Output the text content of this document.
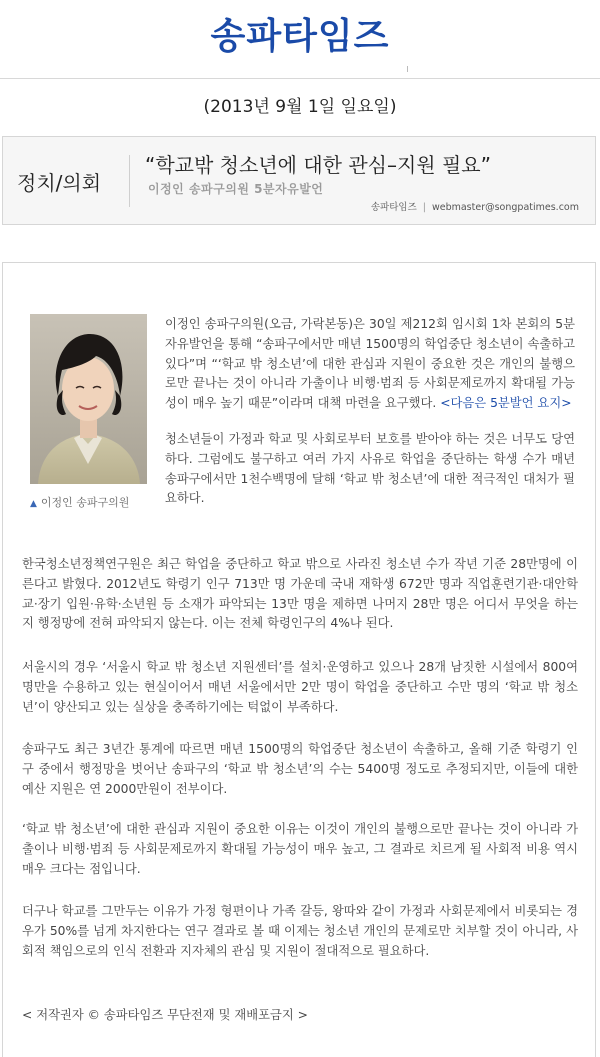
송파타임즈
(2013년 9월 1일 일요일)
정치/의회
“학교밖 청소년에 대한 관심–지원 필요”
이정인 송파구의원 5분자유발언
송파타임즈 | webmaster@songpatimes.com
▲ 이정인 송파구의원

이정인 송파구의원(오금, 가락본동)은 30일 제212회 임시회 1차 본회의 5분자유발언을 통해 “송파구에서만 매년 1500명의 학업중단 청소년이 속출하고 있다”며 “‘학교 밖 청소년’에 대한 관심과 지원이 중요한 것은 개인의 불행으로만 끝나는 것이 아니라 가출이나 비행·범죄 등 사회문제로까지 확대될 가능성이 매우 높기 때문”이라며 대책 마련을 요구했다. <다음은 5분발언 요지>

청소년들이 가정과 학교 및 사회로부터 보호를 받아야 하는 것은 너무도 당연하다. 그럼에도 불구하고 여러 가지 사유로 학업을 중단하는 학생 수가 매년 송파구에서만 1천수백명에 달해 ‘학교 밖 청소년’에 대한 적극적인 대처가 필요하다.

한국청소년정책연구원은 최근 학업을 중단하고 학교 밖으로 사라진 청소년 수가 작년 기준 28만명에 이른다고 밝혔다. 2012년도 학령기 인구 713만 명 가운데 국내 재학생 672만 명과 직업훈련기관·대안학교·장기 입원·유학·소년원 등 소재가 파악되는 13만 명을 제하면 나머지 28만 명은 어디서 무엇을 하는지 행정망에 전혀 파악되지 않는다. 이는 전체 학령인구의 4%나 된다.

서울시의 경우 ‘서울시 학교 밖 청소년 지원센터’를 설치·운영하고 있으나 28개 남짓한 시설에서 800여 명만을 수용하고 있는 현실이어서 매년 서울에서만 2만 명이 학업을 중단하고 수만 명의 ‘학교 밖 청소년’이 양산되고 있는 실상을 충족하기에는 턱없이 부족하다.

송파구도 최근 3년간 통계에 따르면 매년 1500명의 학업중단 청소년이 속출하고, 올해 기준 학령기 인구 중에서 행정망을 벗어난 송파구의 ‘학교 밖 청소년’의 수는 5400명 정도로 추정되지만, 이들에 대한 예산 지원은 연 2000만원이 전부이다.

‘학교 밖 청소년’에 대한 관심과 지원이 중요한 이유는 이것이 개인의 불행으로만 끝나는 것이 아니라 가출이나 비행·범죄 등 사회문제로까지 확대될 가능성이 매우 높고, 그 결과로 치르게 될 사회적 비용 역시 매우 크다는 점입니다.

더구나 학교를 그만두는 이유가 가정 형편이나 가족 갈등, 왕따와 같이 가정과 사회문제에서 비롯되는 경우가 50%를 넘게 차지한다는 연구 결과로 볼 때 이제는 청소년 개인의 문제로만 치부할 것이 아니라, 사회적 책임으로의 인식 전환과 지자체의 관심 및 지원이 절대적으로 필요하다.

< 저작권자 © 송파타임즈 무단전재 및 재배포금지 >
